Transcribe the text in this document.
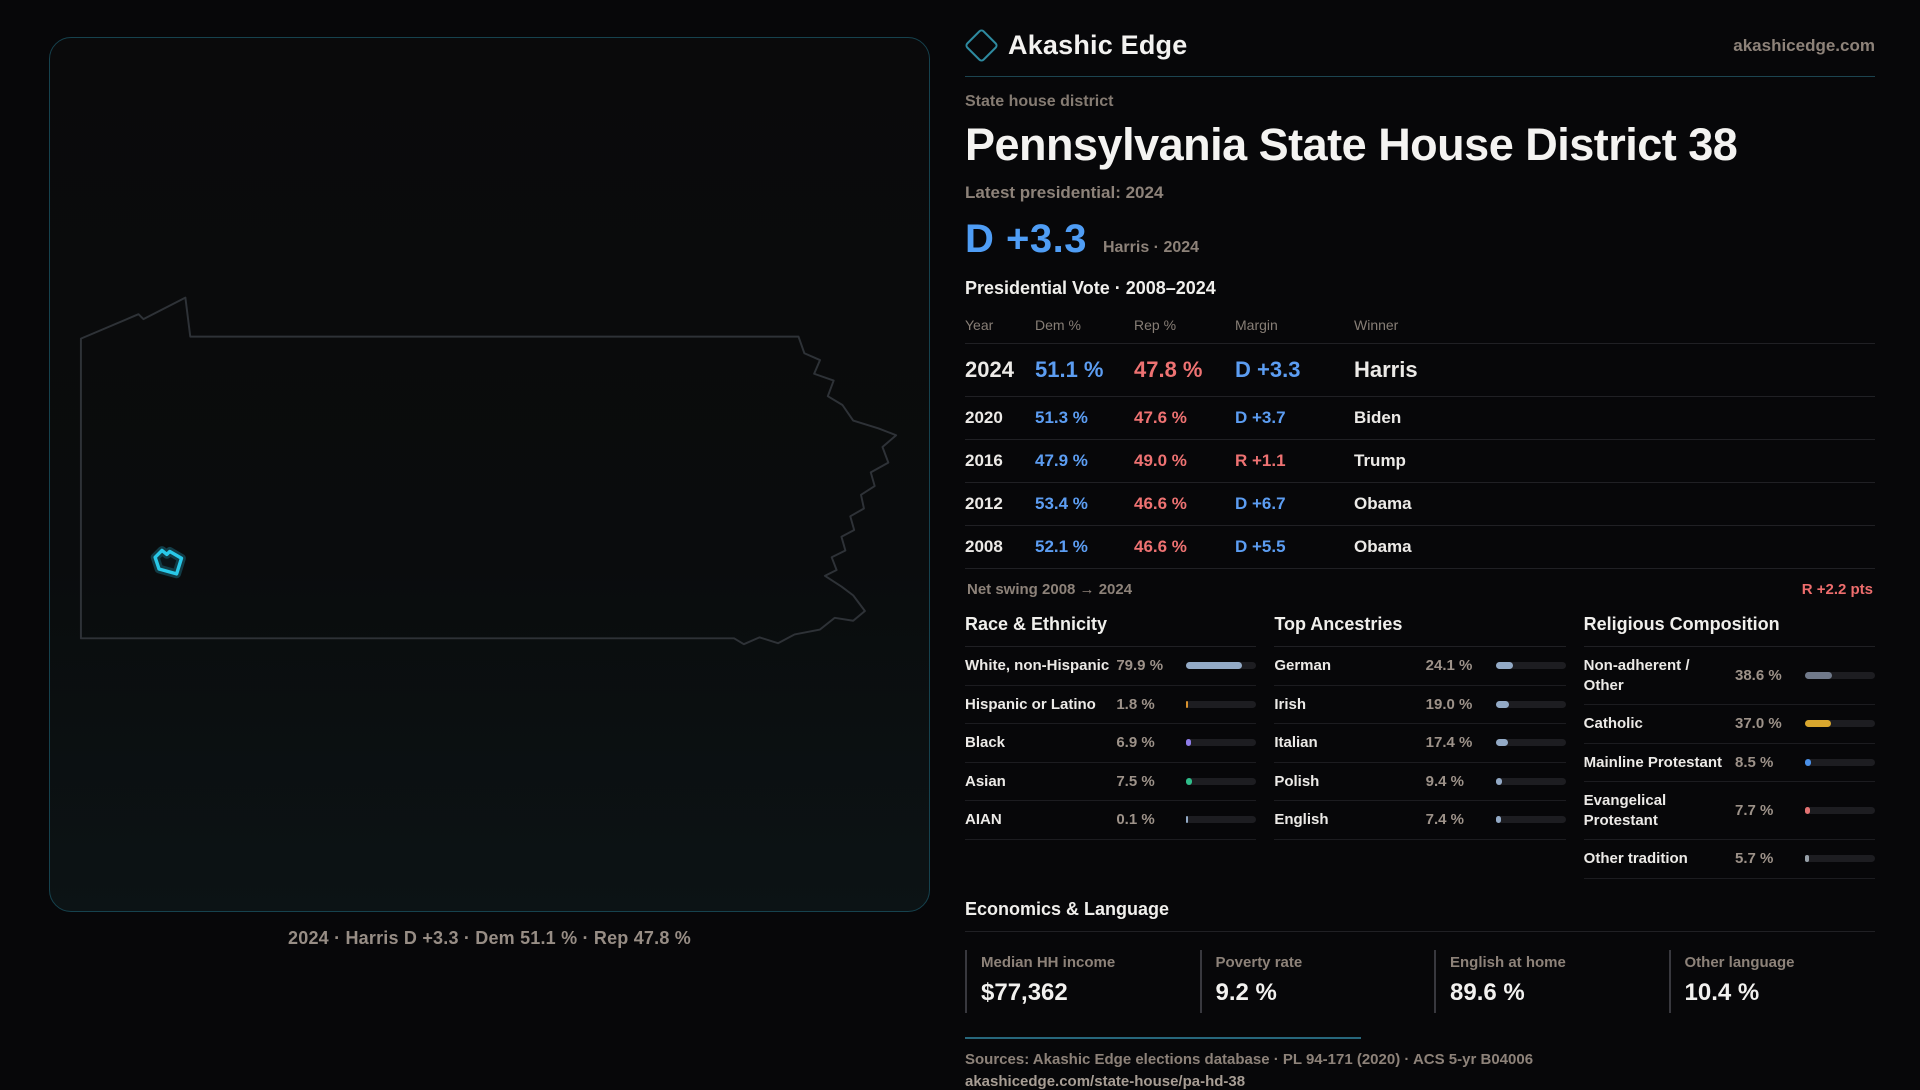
2024 · Harris D +3.3 · Dem 51.1 % · Rep 47.8 %
Akashic Edge	akashicedge.com
State house district
Pennsylvania State House District 38
Latest presidential: 2024
D +3.3 Harris · 2024
Presidential Vote · 2008–2024
Year	Dem %	Rep %	Margin	Winner
2024 51.1 %	47.8 %	D +3.3	Harris
2020	51.3 %	47.6 %	D +3.7	Biden
2016	47.9 %	49.0 %	R +1.1	Trump
2012	53.4 %	46.6 %	D +6.7	Obama
2008	52.1 %	46.6 %	D +5.5	Obama
Net swing 2008 → 2024	R +2.2 pts
Race & Ethnicity
White, non-Hispanic 79.9 %
Hispanic or Latino	1.8 %
Black	6.9 %
Asian	7.5 %
AIAN	0.1 %
Top Ancestries
German	24.1 %
Irish	19.0 %
Italian	17.4 %
Polish	9.4 %
English	7.4 %
Religious Composition
Non-adherent / Other
38.6 %
Catholic	37.0 %
Mainline Protestant 8.5 %
Evangelical Protestant
7.7 %
Other tradition	5.7 %
Economics & Language
Median HH income
$77,362
Poverty rate
9.2 %
English at home
89.6 %
Other language
10.4 %
Sources: Akashic Edge elections database · PL 94-171 (2020) · ACS 5-yr B04006
akashicedge.com/state-house/pa-hd-38
